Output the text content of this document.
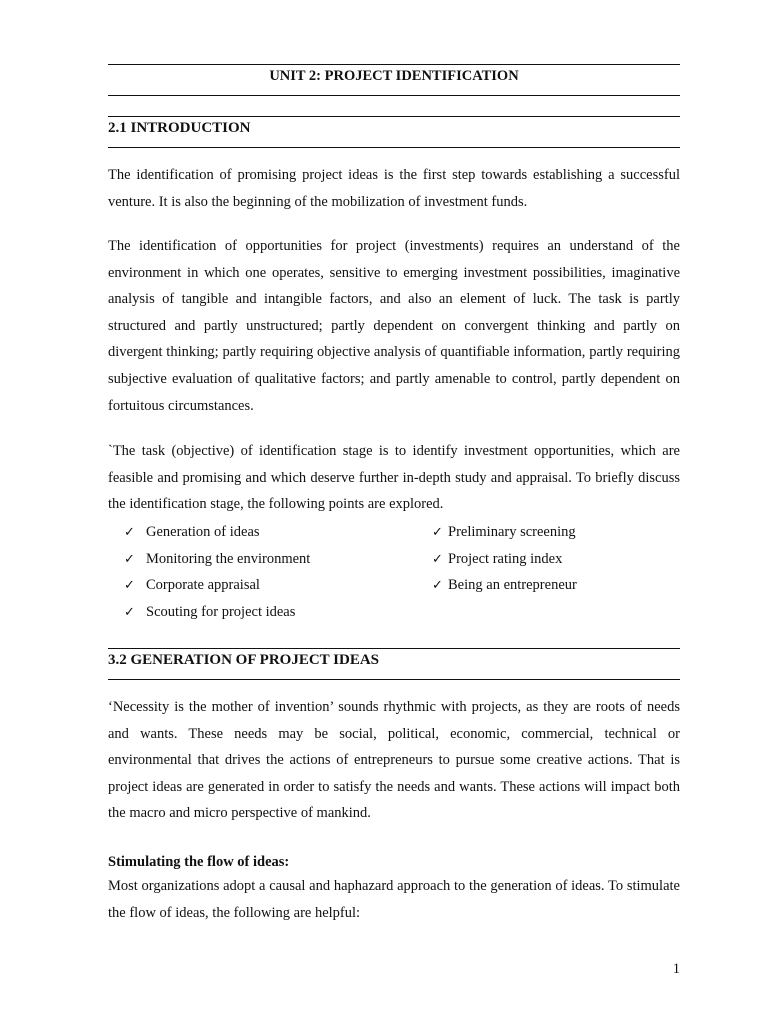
UNIT 2: PROJECT IDENTIFICATION
2.1 INTRODUCTION
The identification of promising project ideas is the first step towards establishing a successful venture. It is also the beginning of the mobilization of investment funds.
The identification of opportunities for project (investments) requires an understand of the environment in which one operates, sensitive to emerging investment possibilities, imaginative analysis of tangible and intangible factors, and also an element of luck. The task is partly structured and partly unstructured; partly dependent on convergent thinking and partly on divergent thinking; partly requiring objective analysis of quantifiable information, partly requiring subjective evaluation of qualitative factors; and partly amenable to control, partly dependent on fortuitous circumstances.
`The task (objective) of identification stage is to identify investment opportunities, which are feasible and promising and which deserve further in-depth study and appraisal. To briefly discuss the identification stage, the following points are explored.
✓ Generation of ideas
✓ Monitoring the environment
✓ Corporate appraisal
✓ Scouting for project ideas
✓ Preliminary screening
✓ Project rating index
✓ Being an entrepreneur
3.2 GENERATION OF PROJECT IDEAS
‘Necessity is the mother of invention’ sounds rhythmic with projects, as they are roots of needs and wants. These needs may be social, political, economic, commercial, technical or environmental that drives the actions of entrepreneurs to pursue some creative actions. That is project ideas are generated in order to satisfy the needs and wants. These actions will impact both the macro and micro perspective of mankind.
Stimulating the flow of ideas:
Most organizations adopt a causal and haphazard approach to the generation of ideas. To stimulate the flow of ideas, the following are helpful:
1
